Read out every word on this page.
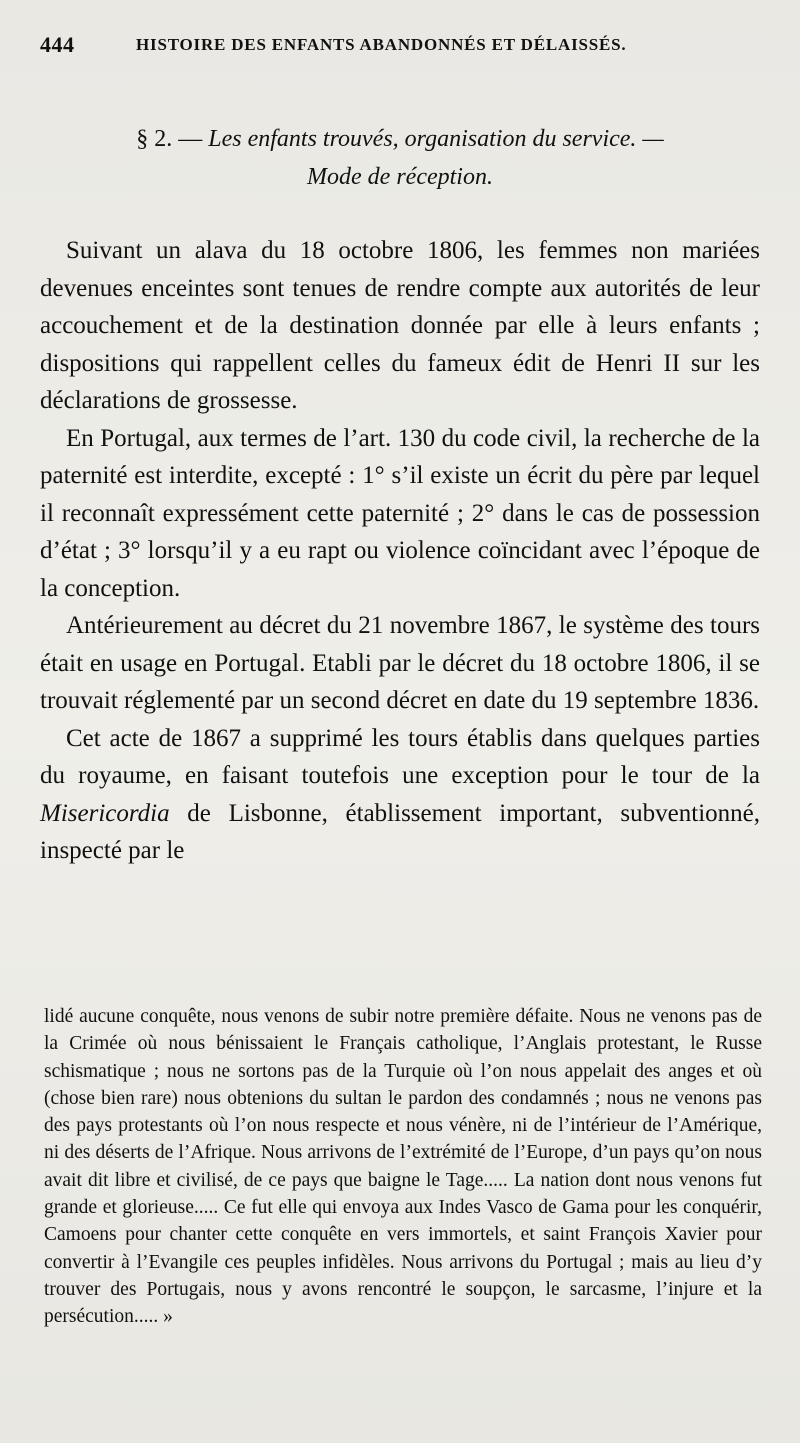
444	HISTOIRE DES ENFANTS ABANDONNÉS ET DÉLAISSÉS.
§ 2. — Les enfants trouvés, organisation du service. —
Mode de réception.

Suivant un alava du 18 octobre 1806, les femmes non mariées devenues enceintes sont tenues de rendre compte aux autorités de leur accouchement et de la destination donnée par elle à leurs enfants ; dispositions qui rappellent celles du fameux édit de Henri II sur les déclarations de grossesse.

En Portugal, aux termes de l’art. 130 du code civil, la recherche de la paternité est interdite, excepté : 1° s’il existe un écrit du père par lequel il reconnaît expressément cette paternité ; 2° dans le cas de possession d’état ; 3° lorsqu’il y a eu rapt ou violence coïncidant avec l’époque de la conception.

Antérieurement au décret du 21 novembre 1867, le système des tours était en usage en Portugal. Etabli par le décret du 18 octobre 1806, il se trouvait réglementé par un second décret en date du 19 septembre 1836.

Cet acte de 1867 a supprimé les tours établis dans quelques parties du royaume, en faisant toutefois une exception pour le tour de la Misericordia de Lisbonne, établissement important, subventionné, inspecté par le

lidé aucune conquête, nous venons de subir notre première défaite. Nous ne venons pas de la Crimée où nous bénissaient le Français catholique, l’Anglais protestant, le Russe schismatique ; nous ne sortons pas de la Turquie où l’on nous appelait des anges et où (chose bien rare) nous obtenions du sultan le pardon des condamnés ; nous ne venons pas des pays protestants où l’on nous respecte et nous vénère, ni de l’intérieur de l’Amérique, ni des déserts de l’Afrique. Nous arrivons de l’extrémité de l’Europe, d’un pays qu’on nous avait dit libre et civilisé, de ce pays que baigne le Tage..... La nation dont nous venons fut grande et glorieuse..... Ce fut elle qui envoya aux Indes Vasco de Gama pour les conquérir, Camoens pour chanter cette conquête en vers immortels, et saint François Xavier pour convertir à l’Evangile ces peuples infidèles. Nous arrivons du Portugal ; mais au lieu d’y trouver des Portugais, nous y avons rencontré le soupçon, le sarcasme, l’injure et la persécution..... »
